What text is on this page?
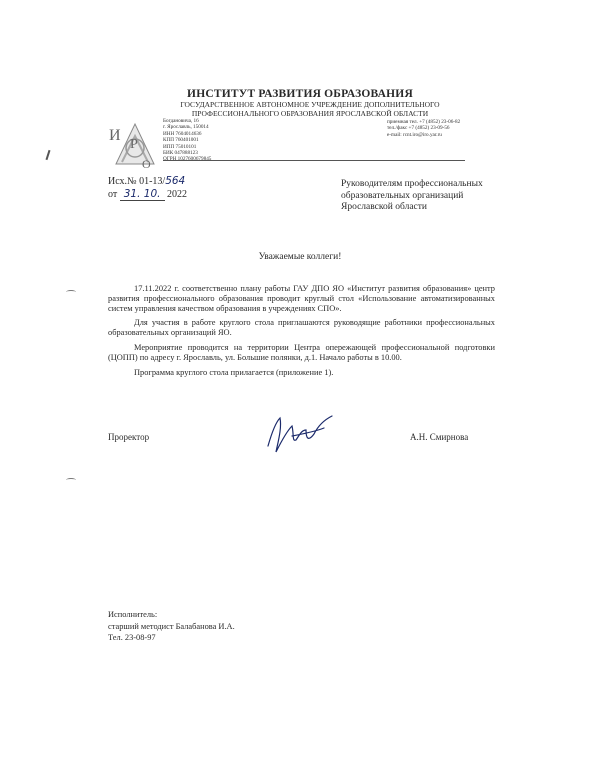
ИНСТИТУТ РАЗВИТИЯ ОБРАЗОВАНИЯ
ГОСУДАРСТВЕННОЕ АВТОНОМНОЕ УЧРЕЖДЕНИЕ ДОПОЛНИТЕЛЬНОГО
ПРОФЕССИОНАЛЬНОГО ОБРАЗОВАНИЯ ЯРОСЛАВСКОЙ ОБЛАСТИ
И
Р
О
Богдановича, 16
г. Ярославль, 150014
ИНН 7604014636
КПП 760401001
ИПП 75010101
БИК 047888123
ОГРН 1027600679845
приемная тел. +7 (4852) 23-06-82
тел./факс +7 (4852) 23-09-56
e-mail: rcnt.iro@iro.yar.ru
Исх.№ 01-13/564
от 31. 10. 2022
Руководителям профессиональных
образовательных организаций
Ярославской области
Уважаемые коллеги!

17.11.2022 г. соответственно плану работы ГАУ ДПО ЯО «Институт развития образования» центр развития профессионального образования проводит круглый стол «Использование автоматизированных систем управления качеством образования в учреждениях СПО».

Для участия в работе круглого стола приглашаются руководящие работники профессиональных образовательных организаций ЯО.

Мероприятие проводится на территории Центра опережающей профессиональной подготовки (ЦОПП) по адресу г. Ярославль, ул. Большие полянки, д.1. Начало работы в 10.00.

Программа круглого стола прилагается (приложение 1).

Проректор	А.Н. Смирнова
Исполнитель:
старший методист Балабанова И.А.
Тел. 23-08-97
